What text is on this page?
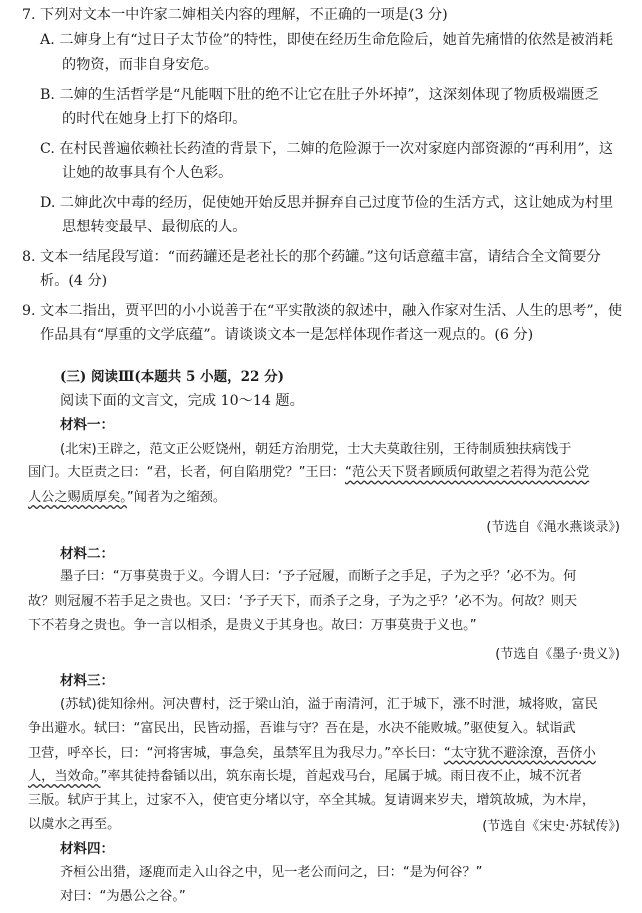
7. 下列对文本一中许家二婶相关内容的理解，不正确的一项是(3 分)
A. 二婶身上有“过日子太节俭”的特性，即使在经历生命危险后，她首先痛惜的依然是被消耗
的物资，而非自身安危。
B. 二婶的生活哲学是“凡能咽下肚的绝不让它在肚子外坏掉”，这深刻体现了物质极端匮乏
的时代在她身上打下的烙印。
C. 在村民普遍依赖社长药渣的背景下，二婶的危险源于一次对家庭内部资源的“再利用”，这
让她的故事具有个人色彩。
D. 二婶此次中毒的经历，促使她开始反思并摒弃自己过度节俭的生活方式，这让她成为村里
思想转变最早、最彻底的人。
8. 文本一结尾段写道：“而药罐还是老社长的那个药罐。”这句话意蕴丰富，请结合全文简要分
析。(4 分)
9. 文本二指出，贾平凹的小小说善于在“平实散淡的叙述中，融入作家对生活、人生的思考”，使
作品具有“厚重的文学底蕴”。请谈谈文本一是怎样体现作者这一观点的。(6 分)
(三) 阅读Ⅲ(本题共 5 小题，22 分)
阅读下面的文言文，完成 10～14 题。
材料一：
(北宋)王辟之，范文正公贬饶州，朝廷方治朋党，士大夫莫敢往别，王待制质独扶病饯于
国门。大臣责之曰：“君，长者，何自陷朋党？”王曰：“范公天下贤者顾质何敢望之若得为范公党
人公之赐质厚矣。”闻者为之缩颈。
(节选自《渑水燕谈录》)
材料二：
墨子曰：“万事莫贵于义。今谓人曰：‘予子冠履，而断子之手足，子为之乎？’必不为。何
故？则冠履不若手足之贵也。又曰：‘予子天下，而杀子之身，子为之乎？’必不为。何故？则天
下不若身之贵也。争一言以相杀，是贵义于其身也。故曰：万事莫贵于义也。”
(节选自《墨子·贵义》)
材料三：
(苏轼)徙知徐州。河决曹村，泛于梁山泊，溢于南清河，汇于城下，涨不时泄，城将败，富民
争出避水。轼曰：“富民出，民皆动摇，吾谁与守？吾在是，水决不能败城。”驱使复入。轼诣武
卫营，呼卒长，曰：“河将害城，事急矣，虽禁军且为我尽力。”卒长曰：“太守犹不避涂潦，吾侪小
人，当效命。”率其徒持畚锸以出，筑东南长堤，首起戏马台，尾属于城。雨日夜不止，城不沉者
三版。轼庐于其上，过家不入，使官吏分堵以守，卒全其城。复请调来岁夫，增筑故城，为木岸，
以虞水之再至。	(节选自《宋史·苏轼传》)
材料四：
齐桓公出猎，逐鹿而走入山谷之中，见一老公而问之，曰：“是为何谷？”
对曰：“为愚公之谷。”
